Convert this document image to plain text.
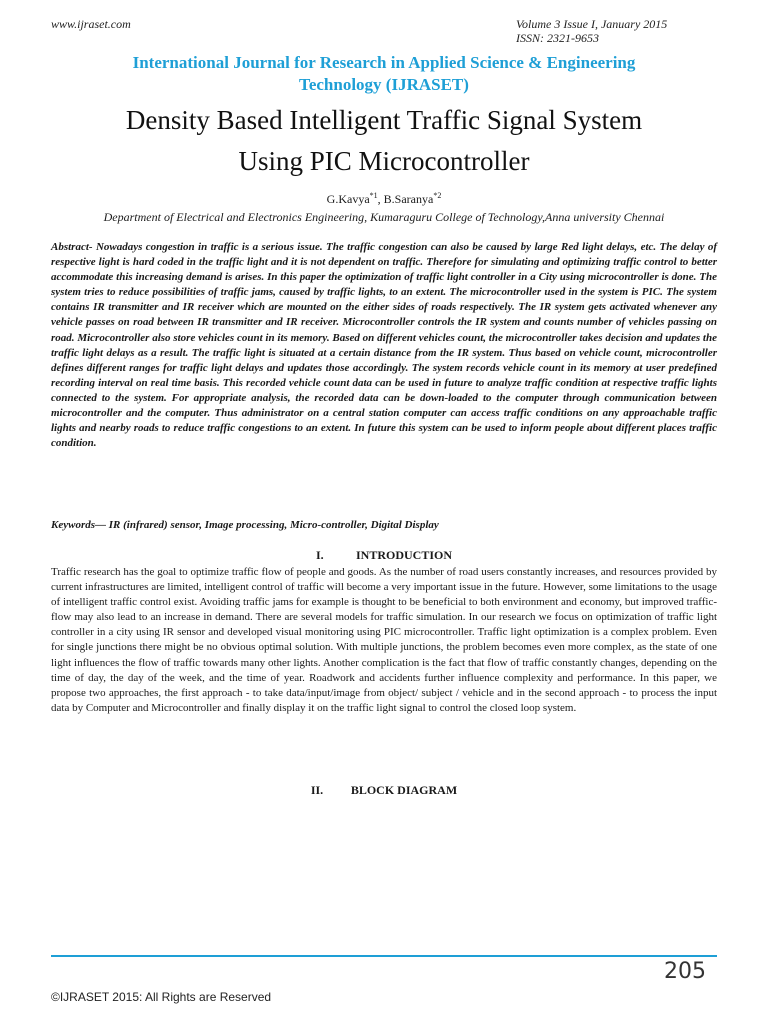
www.ijraset.com	Volume 3 Issue I, January 2015
ISSN: 2321-9653
International Journal for Research in Applied Science & Engineering
Technology (IJRASET)
Density Based Intelligent Traffic Signal System
Using PIC Microcontroller
G.Kavya$^{*1}$, B.Saranya$^{*2}$
Department of Electrical and Electronics Engineering, Kumaraguru College of Technology,Anna university Chennai

Abstract- Nowadays congestion in traffic is a serious issue. The traffic congestion can also be caused by large Red light delays, etc. The delay of respective light is hard coded in the traffic light and it is not dependent on traffic. Therefore for simulating and optimizing traffic control to better accommodate this increasing demand is arises. In this paper the optimization of traffic light controller in a City using microcontroller is done. The system tries to reduce possibilities of traffic jams, caused by traffic lights, to an extent. The microcontroller used in the system is PIC. The system contains IR transmitter and IR receiver which are mounted on the either sides of roads respectively. The IR system gets activated whenever any vehicle passes on road between IR transmitter and IR receiver. Microcontroller controls the IR system and counts number of vehicles passing on road. Microcontroller also store vehicles count in its memory. Based on different vehicles count, the microcontroller takes decision and updates the traffic light delays as a result. The traffic light is situated at a certain distance from the IR system. Thus based on vehicle count, microcontroller defines different ranges for traffic light delays and updates those accordingly. The system records vehicle count in its memory at user predefined recording interval on real time basis. This recorded vehicle count data can be used in future to analyze traffic condition at respective traffic lights connected to the system. For appropriate analysis, the recorded data can be down-loaded to the computer through communication between microcontroller and the computer. Thus administrator on a central station computer can access traffic conditions on any approachable traffic lights and nearby roads to reduce traffic congestions to an extent. In future this system can be used to inform people about different places traffic condition.

Keywords— IR (infrared) sensor, Image processing, Micro-controller, Digital Display
I.	INTRODUCTION

Traffic research has the goal to optimize traffic flow of people and goods. As the number of road users constantly increases, and resources provided by current infrastructures are limited, intelligent control of traffic will become a very important issue in the future. However, some limitations to the usage of intelligent traffic control exist. Avoiding traffic jams for example is thought to be beneficial to both environment and economy, but improved traffic-flow may also lead to an increase in demand. There are several models for traffic simulation. In our research we focus on optimization of traffic light controller in a city using IR sensor and developed visual monitoring using PIC microcontroller. Traffic light optimization is a complex problem. Even for single junctions there might be no obvious optimal solution. With multiple junctions, the problem becomes even more complex, as the state of one light influences the flow of traffic towards many other lights. Another complication is the fact that flow of traffic constantly changes, depending on the time of day, the day of the week, and the time of year. Roadwork and accidents further influence complexity and performance. In this paper, we propose two approaches, the first approach - to take data/input/image from object/ subject / vehicle and in the second approach - to process the input data by Computer and Microcontroller and finally display it on the traffic light signal to control the closed loop system.

II. BLOCK DIAGRAM
205
©IJRASET 2015: All Rights are Reserved
